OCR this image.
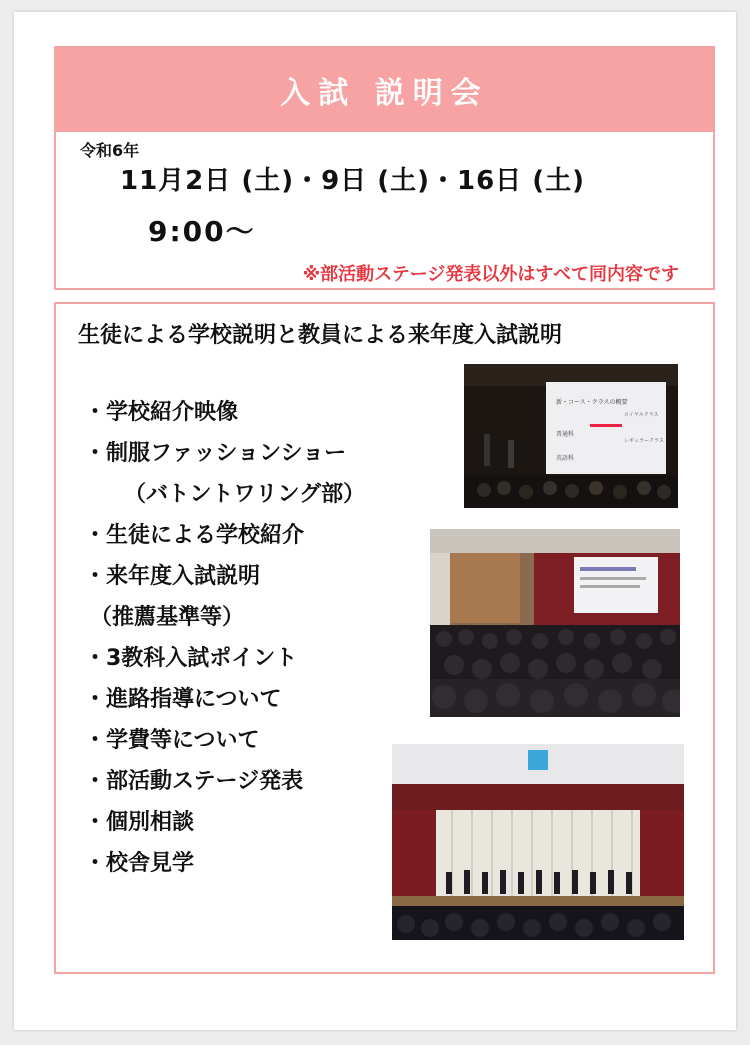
入試 説明会
令和6年
11月2日 (土)・9日 (土)・16日 (土)
9:00〜
※部活動ステージ発表以外はすべて同内容です
生徒による学校説明と教員による来年度入試説明
・学校紹介映像
・制服ファッションショー
（バトントワリング部）
・生徒による学校紹介
・来年度入試説明
（推薦基準等）
・3教科入試ポイント
・進路指導について
・学費等について
・部活動ステージ発表
・個別相談
・校舎見学
新・コース・クラスの概要
普通科
英語科
ロイヤルクラス
レギュラークラス
